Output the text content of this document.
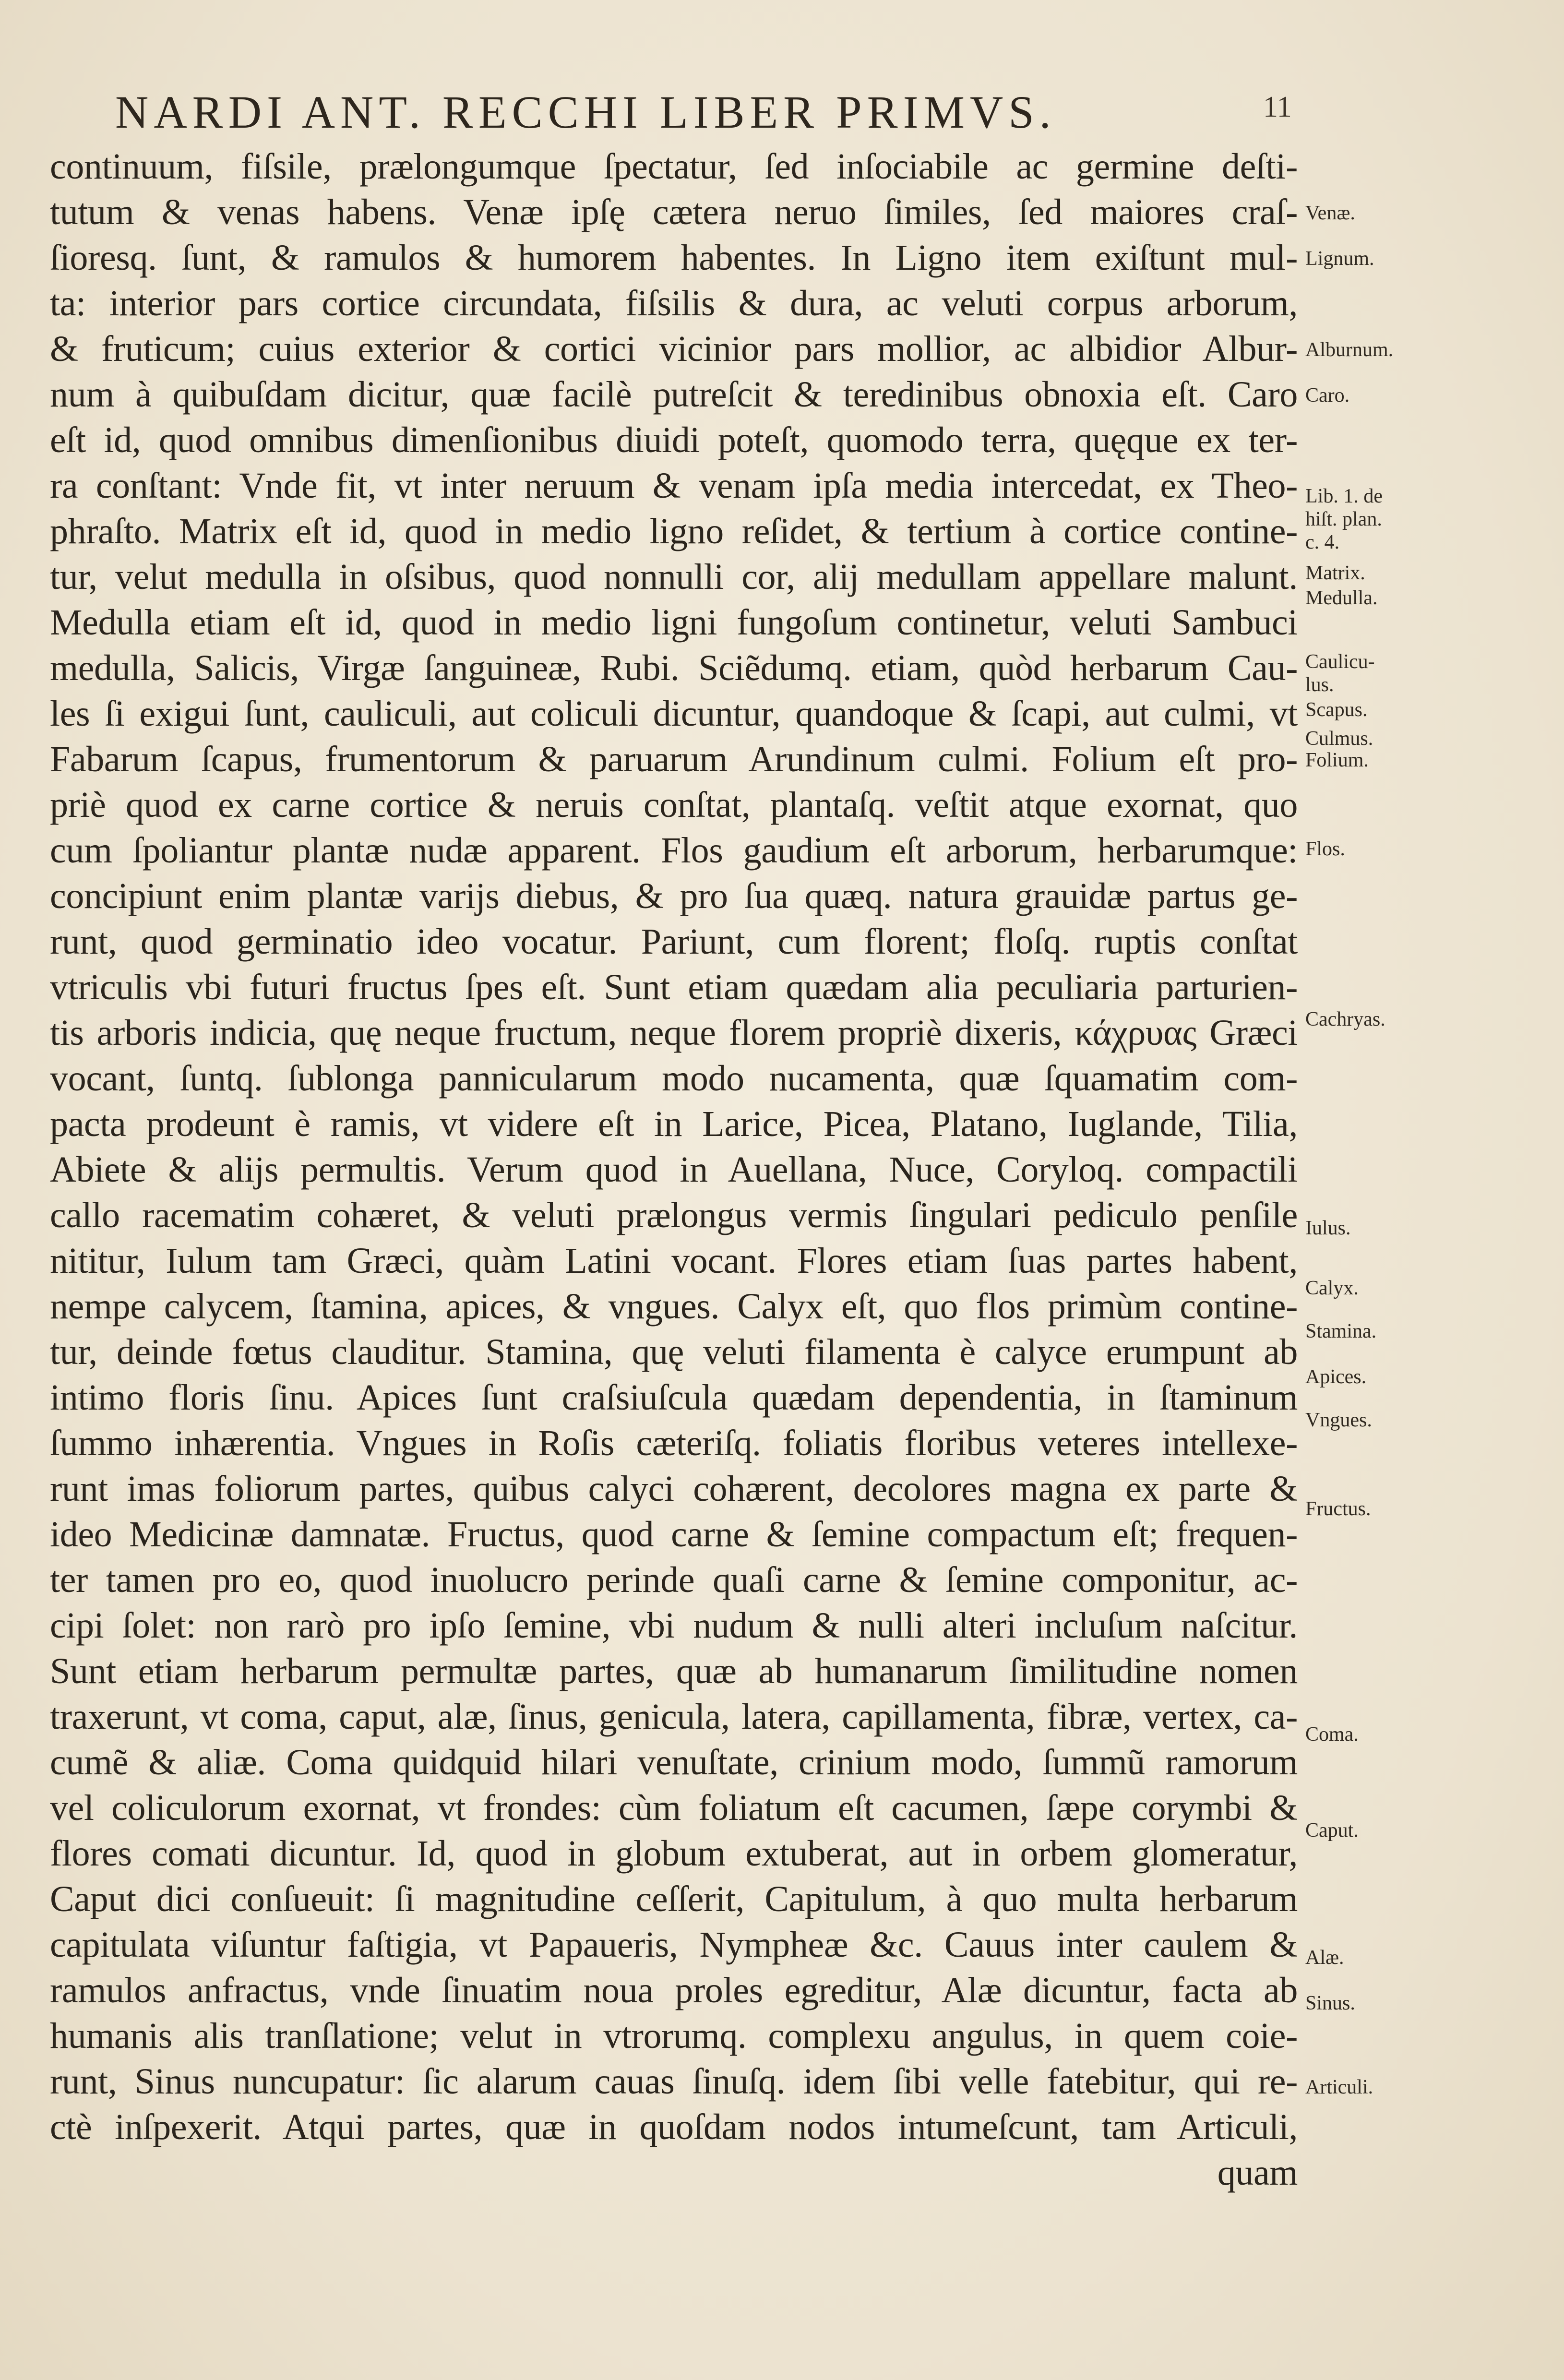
NARDI ANT. RECCHI LIBER PRIMVS.	11
continuum, fiſsile, prælongumque ſpectatur, ſed inſociabile ac germine deſti-
tutum & venas habens. Venæ ipſę cætera neruo ſimiles, ſed maiores craſ-
ſioresq. ſunt, & ramulos & humorem habentes. In Ligno item exiſtunt mul-
ta: interior pars cortice circundata, fiſsilis & dura, ac veluti corpus arborum,
& fruticum; cuius exterior & cortici vicinior pars mollior, ac albidior Albur-
num à quibuſdam dicitur, quæ facilè putreſcit & teredinibus obnoxia eſt. Caro
eſt id, quod omnibus dimenſionibus diuidi poteſt, quomodo terra, quęque ex ter-
ra conſtant: Vnde fit, vt inter neruum & venam ipſa media intercedat, ex Theo-
phraſto. Matrix eſt id, quod in medio ligno reſidet, & tertium à cortice contine-
tur, velut medulla in oſsibus, quod nonnulli cor, alij medullam appellare malunt.
Medulla etiam eſt id, quod in medio ligni fungoſum continetur, veluti Sambuci
medulla, Salicis, Virgæ ſanguineæ, Rubi. Sciẽdumq. etiam, quòd herbarum Cau-
les ſi exigui ſunt, cauliculi, aut coliculi dicuntur, quandoque & ſcapi, aut culmi, vt
Fabarum ſcapus, frumentorum & paruarum Arundinum culmi. Folium eſt pro-
priè quod ex carne cortice & neruis conſtat, plantaſq. veſtit atque exornat, quo
cum ſpoliantur plantæ nudæ apparent. Flos gaudium eſt arborum, herbarumque:
concipiunt enim plantæ varijs diebus, & pro ſua quæq. natura grauidæ partus ge-
runt, quod germinatio ideo vocatur. Pariunt, cum florent; floſq. ruptis conſtat
vtriculis vbi futuri fructus ſpes eſt. Sunt etiam quædam alia peculiaria parturien-
tis arboris indicia, quę neque fructum, neque florem propriè dixeris, κάχρυας Græci
vocant, ſuntq. ſublonga pannicularum modo nucamenta, quæ ſquamatim com-
pacta prodeunt è ramis, vt videre eſt in Larice, Picea, Platano, Iuglande, Tilia,
Abiete & alijs permultis. Verum quod in Auellana, Nuce, Coryloq. compactili
callo racematim cohæret, & veluti prælongus vermis ſingulari pediculo penſile
nititur, Iulum tam Græci, quàm Latini vocant. Flores etiam ſuas partes habent,
nempe calycem, ſtamina, apices, & vngues. Calyx eſt, quo flos primùm contine-
tur, deinde fœtus clauditur. Stamina, quę veluti filamenta è calyce erumpunt ab
intimo floris ſinu. Apices ſunt craſsiuſcula quædam dependentia, in ſtaminum
ſummo inhærentia. Vngues in Roſis cæteriſq. foliatis floribus veteres intellexe-
runt imas foliorum partes, quibus calyci cohærent, decolores magna ex parte &
ideo Medicinæ damnatæ. Fructus, quod carne & ſemine compactum eſt; frequen-
ter tamen pro eo, quod inuolucro perinde quaſi carne & ſemine componitur, ac-
cipi ſolet: non rarò pro ipſo ſemine, vbi nudum & nulli alteri incluſum naſcitur.
Sunt etiam herbarum permultæ partes, quæ ab humanarum ſimilitudine nomen
traxerunt, vt coma, caput, alæ, ſinus, genicula, latera, capillamenta, fibræ, vertex, ca-
cumẽ & aliæ. Coma quidquid hilari venuſtate, crinium modo, ſummũ ramorum
vel coliculorum exornat, vt frondes: cùm foliatum eſt cacumen, ſæpe corymbi &
flores comati dicuntur. Id, quod in globum extuberat, aut in orbem glomeratur,
Caput dici conſueuit: ſi magnitudine ceſſerit, Capitulum, à quo multa herbarum
capitulata viſuntur faſtigia, vt Papaueris, Nympheæ &c. Cauus inter caulem &
ramulos anfractus, vnde ſinuatim noua proles egreditur, Alæ dicuntur, facta ab
humanis alis tranſlatione; velut in vtrorumq. complexu angulus, in quem coie-
runt, Sinus nuncupatur: ſic alarum cauas ſinuſq. idem ſibi velle fatebitur, qui re-
ctè inſpexerit. Atqui partes, quæ in quoſdam nodos intumeſcunt, tam Articuli,
quam
Venæ.
Lignum.
Alburnum.
Caro.
Lib. 1. de
hiſt. plan.
c. 4.
Matrix.
Medulla.
Caulicu-
lus.
Scapus.
Culmus.
Folium.
Flos.
Cachryas.
Iulus.
Calyx.
Stamina.
Apices.
Vngues.
Fructus.
Coma.
Caput.
Alæ.
Sinus.
Articuli.
